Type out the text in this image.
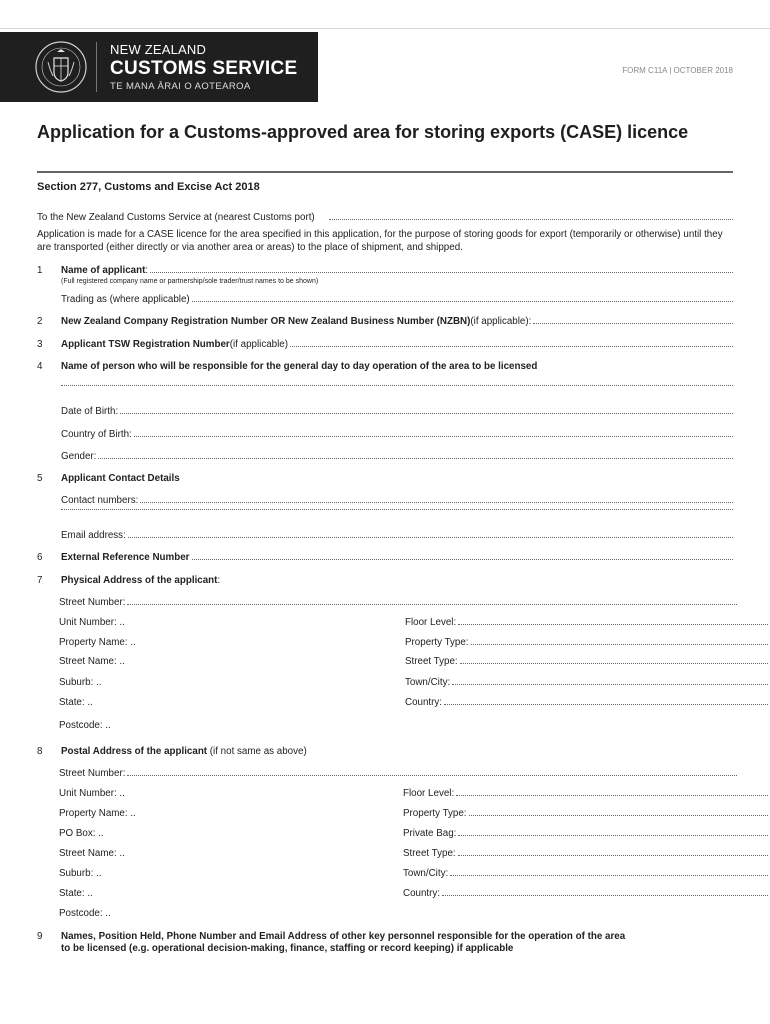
NEW ZEALAND
CUSTOMS SERVICE
TE MANA ĀRAI O AOTEAROA
FORM C11A | OCTOBER 2018
Application for a Customs-approved area for storing exports (CASE) licence
Section 277, Customs and Excise Act 2018
To the New Zealand Customs Service at (nearest Customs port)
Application is made for a CASE licence for the area specified in this application, for the purpose of storing goods for export (temporarily or otherwise) until they are transported (either directly or via another area or areas) to the place of shipment, and shipped.
1 Name of applicant :
(Full registered company name or partnership/sole trader/trust names to be shown)
Trading as (where applicable)
2 New Zealand Company Registration Number OR New Zealand Business Number (NZBN) (if applicable):
3 Applicant TSW Registration Number (if applicable)
4 Name of person who will be responsible for the general day to day operation of the area to be licensed
Date of Birth:
Country of Birth:
Gender:
5 Applicant Contact Details
Contact numbers:
Email address:
6 External Reference Number
7 Physical Address of the applicant:
Street Number:
Unit Number: ..	Floor Level:
Property Name: ..	Property Type:
Street Name: ..	Street Type:
Suburb: ..	Town/City:
State: ..	Country:
Postcode: ..
8 Postal Address of the applicant (if not same as above)
Street Number:
Unit Number: ..	Floor Level:
Property Name: ..	Property Type:
PO Box: ..	Private Bag:
Street Name: ..	Street Type:
Suburb: ..	Town/City:
State: ..	Country:
Postcode: ..
9 Names, Position Held, Phone Number and Email Address of other key personnel responsible for the operation of the area
to be licensed (e.g. operational decision-making, finance, staffing or record keeping) if applicable
